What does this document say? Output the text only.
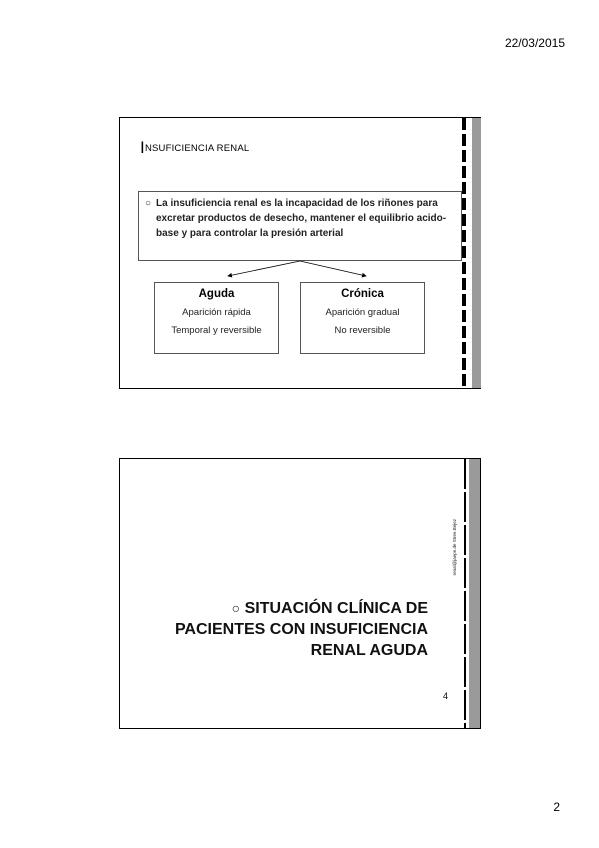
22/03/2015
INSUFICIENCIA RENAL
○ La insuficiencia renal es la incapacidad de los riñones para excretar productos de desecho, mantener el equilibrio acido-base y para controlar la presión arterial
Aguda
Aparición rápida
Temporal y reversible
Crónica
Aparición gradual
No reversible
renal@jaepe.de Stree.Bejez
○ SITUACIÓN CLÍNICA DE
PACIENTES CON INSUFICIENCIA
RENAL AGUDA
4
2
